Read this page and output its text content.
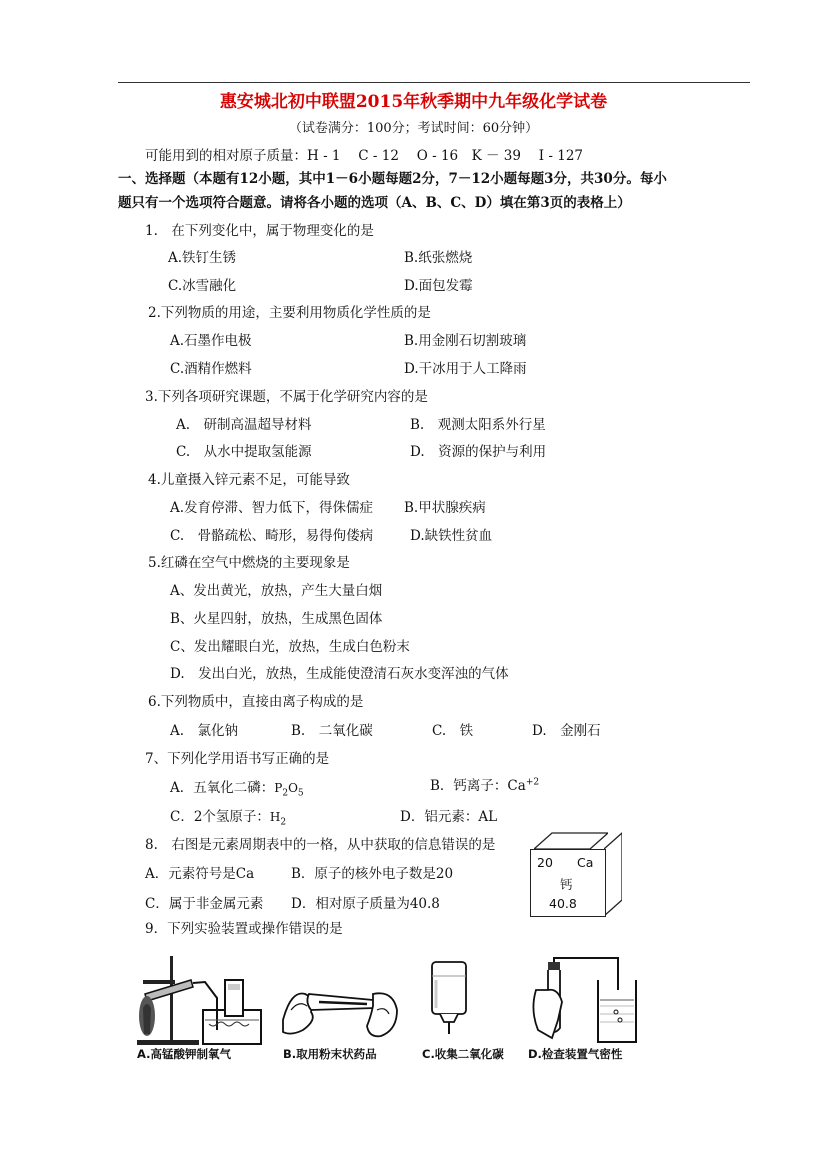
惠安城北初中联盟2015年秋季期中九年级化学试卷
（试卷满分：100分；考试时间：60分钟）
可能用到的相对原子质量：H - 1　 C - 12　 O - 16　K － 39　 I - 127
一、选择题（本题有12小题，其中1－6小题每题2分，7－12小题每题3分，共30分。每小
题只有一个选项符合题意。请将各小题的选项（A、B、C、D）填在第3页的表格上）
1.　在下列变化中，属于物理变化的是
A.铁钉生锈	B.纸张燃烧
C.冰雪融化	D.面包发霉
2.下列物质的用途，主要利用物质化学性质的是
A.石墨作电极	B.用金刚石切割玻璃
C.酒精作燃料	D.干冰用于人工降雨
3.下列各项研究课题，不属于化学研究内容的是
A.　研制高温超导材料	B.　观测太阳系外行星
C.　从水中提取氢能源	D.　资源的保护与利用
4.儿童摄入锌元素不足，可能导致
A.发育停滞、智力低下，得侏儒症 B.甲状腺疾病
C.　骨骼疏松、畸形，易得佝偻病	D.缺铁性贫血
5.红磷在空气中燃烧的主要现象是
A、发出黄光，放热，产生大量白烟
B、火星四射，放热，生成黑色固体
C、发出耀眼白光，放热，生成白色粉末
D.　发出白光，放热，生成能使澄清石灰水变浑浊的气体
6.下列物质中，直接由离子构成的是
A.　氯化钠	B.　二氧化碳	C.　铁	D.　金刚石
7、下列化学用语书写正确的是
A．五氧化二磷：$P_2O_5$	B．钙离子：$Ca^{+2}$
C．2个氢原子：$H_2$	D．铝元素：AL
8.　右图是元素周期表中的一格，从中获取的信息错误的是
A．元素符号是Ca	B．原子的核外电子数是20
C．属于非金属元素 D．相对原子质量为40.8
20 Ca
钙
40.8
9．下列实验装置或操作错误的是
A.高锰酸钾制氧气	B.取用粉末状药品	C.收集二氧化碳 D.检查装置气密性
